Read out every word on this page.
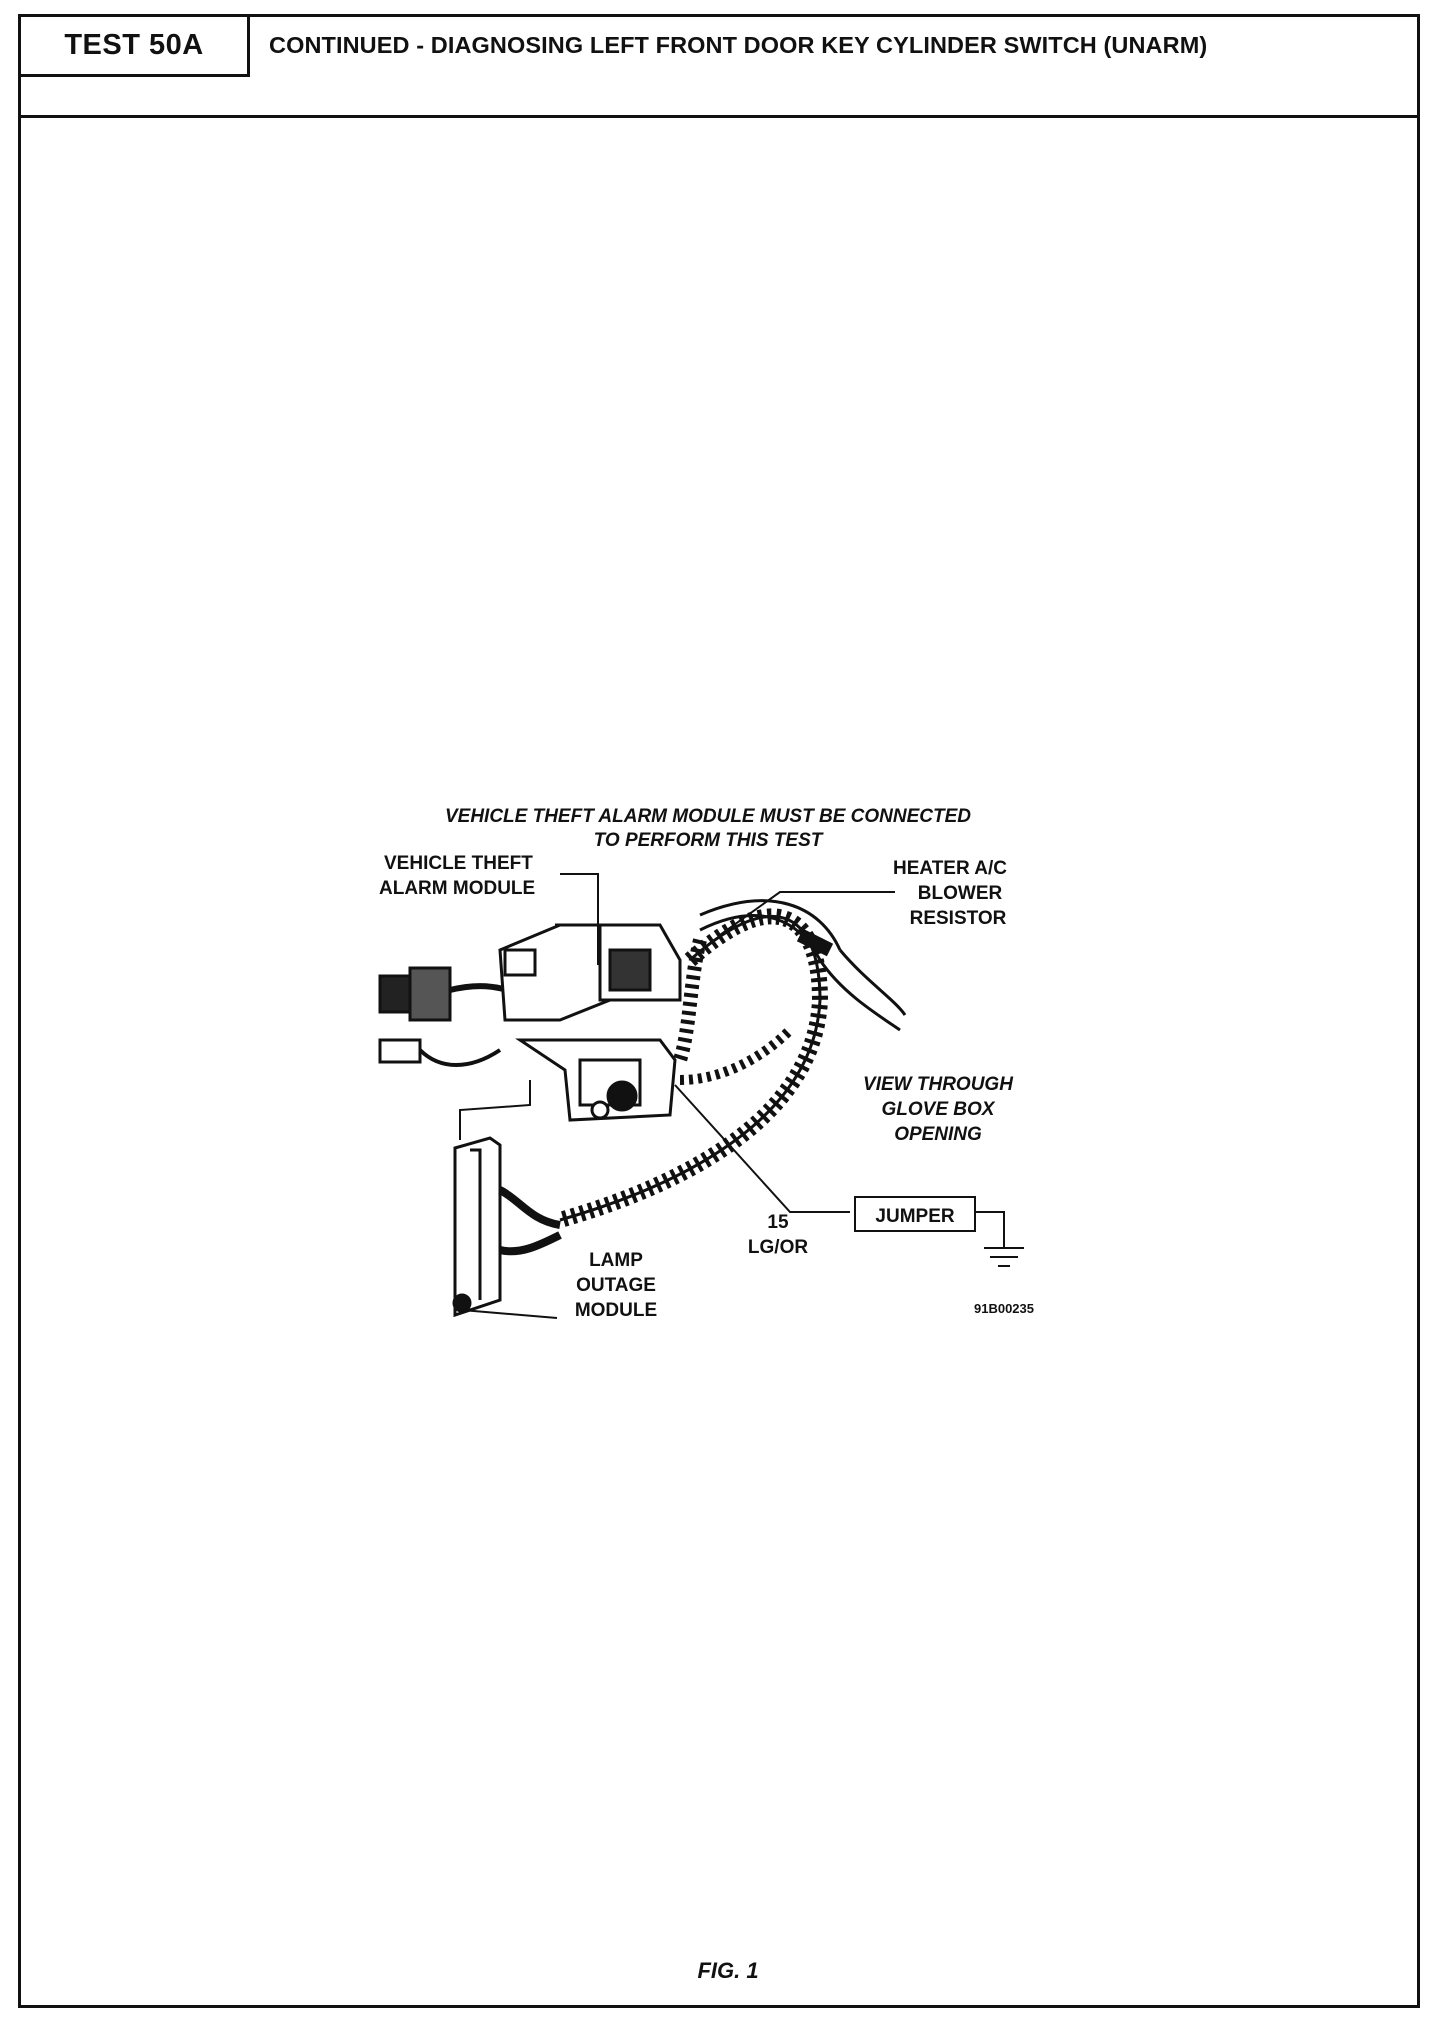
TEST 50A	CONTINUED - DIAGNOSING LEFT FRONT DOOR KEY CYLINDER SWITCH (UNARM)
VEHICLE THEFT ALARM MODULE MUST BE CONNECTED
TO PERFORM THIS TEST
JUMPER
VEHICLE THEFT
ALARM MODULE
HEATER A/C
BLOWER
RESISTOR
VIEW THROUGH
GLOVE BOX
OPENING
15
LG/OR
LAMP
OUTAGE
MODULE	91B00235
FIG. 1
